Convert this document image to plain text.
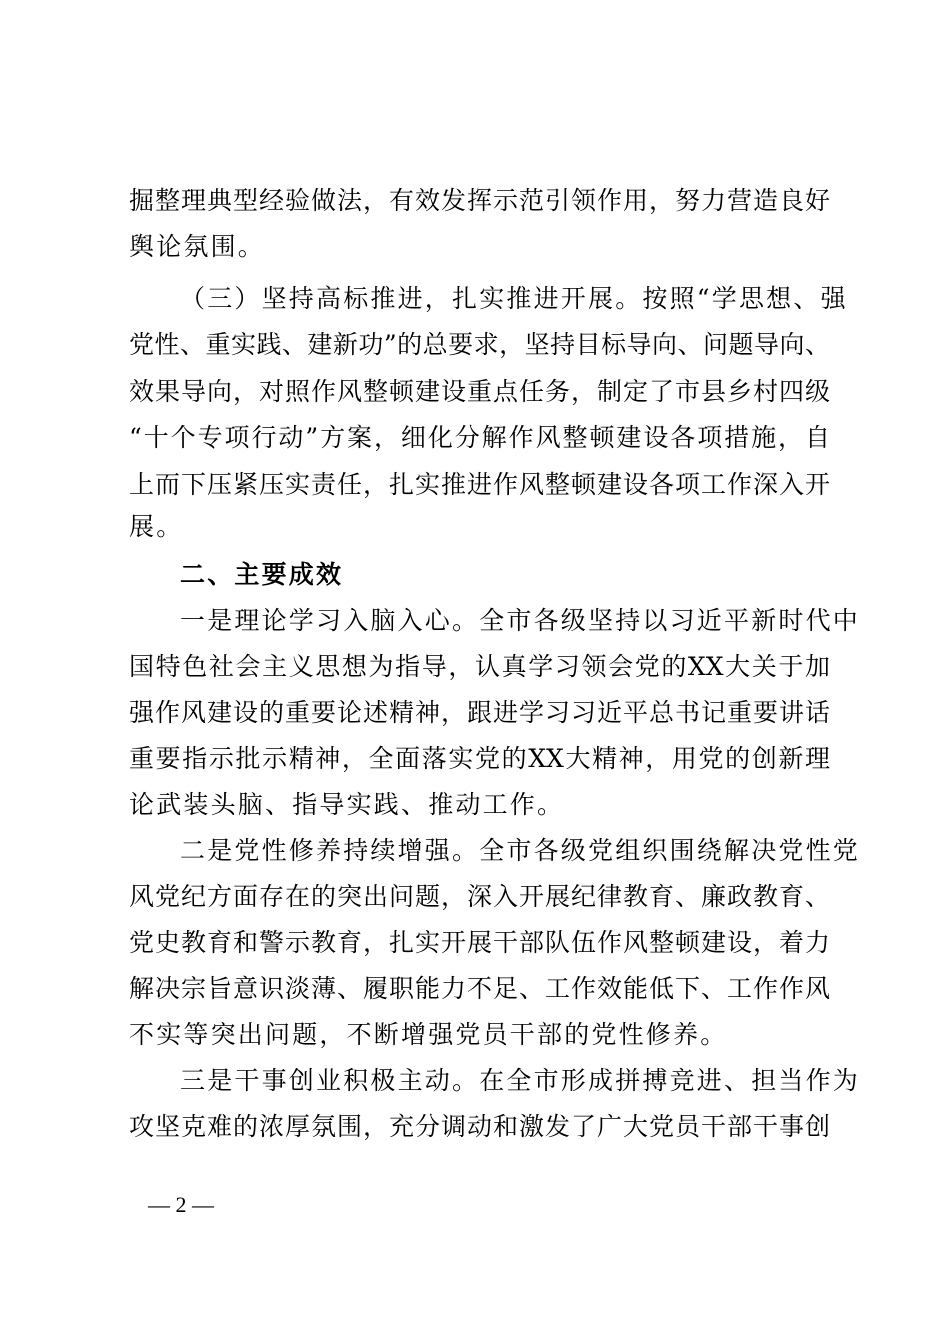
掘整理典型经验做法，有效发挥示范引领作用，努力营造良好
舆论氛围。
（三）坚持高标推进，扎实推进开展。按照“学思想、强
党性、重实践、建新功”的总要求，坚持目标导向、问题导向、
效果导向，对照作风整顿建设重点任务，制定了市县乡村四级
“十个专项行动”方案，细化分解作风整顿建设各项措施，自
上而下压紧压实责任，扎实推进作风整顿建设各项工作深入开
展。
二、主要成效
一是理论学习入脑入心。全市各级坚持以习近平新时代中
国特色社会主义思想为指导，认真学习领会党的XX大关于加
强作风建设的重要论述精神，跟进学习习近平总书记重要讲话
重要指示批示精神，全面落实党的XX大精神，用党的创新理
论武装头脑、指导实践、推动工作。
二是党性修养持续增强。全市各级党组织围绕解决党性党
风党纪方面存在的突出问题，深入开展纪律教育、廉政教育、
党史教育和警示教育，扎实开展干部队伍作风整顿建设，着力
解决宗旨意识淡薄、履职能力不足、工作效能低下、工作作风
不实等突出问题，不断增强党员干部的党性修养。
三是干事创业积极主动。在全市形成拼搏竞进、担当作为
攻坚克难的浓厚氛围，充分调动和激发了广大党员干部干事创
— 2 —
